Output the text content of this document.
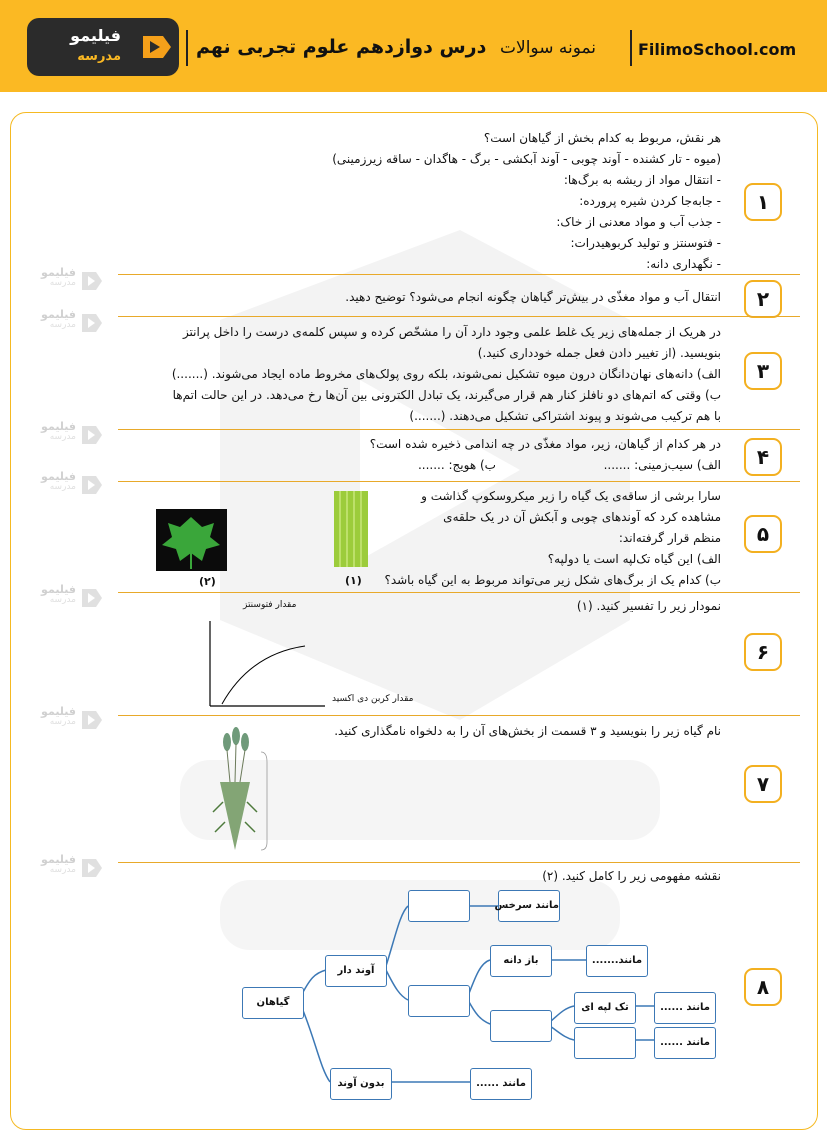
فیلیمو
مدرسه	درس دوازدهم علوم تجربی نهم نمونه سوالات	FilimoSchool.com
هر نقش، مربوط به کدام بخش از گیاهان است؟
(میوه - تار کشنده - آوند چوبی - آوند آبکشی - برگ - هاگدان - ساقه زیرزمینی)
- انتقال مواد از ریشه به برگ‌ها:
- جابه‌جا کردن شیره پرورده:
- جذب آب و مواد معدنی از خاک:
- فتوسنتز و تولید کربوهیدرات:
- نگهداری دانه:
۱
انتقال آب و مواد مغذّی در بیش‌تر گیاهان چگونه انجام می‌شود؟ توضیح دهید.	۲
در هریک از جمله‌های زیر یک غلط علمی وجود دارد آن را مشخّص کرده و سپس کلمه‌ی درست را داخل پرانتز
بنویسید. (از تغییر دادن فعل جمله خودداری کنید.)
الف) دانه‌های نهان‌دانگان درون میوه تشکیل نمی‌شوند، بلکه روی پولک‌های مخروط ماده ایجاد می‌شوند. (.......)
ب) وقتی که اتم‌های دو نافلز کنار هم قرار می‌گیرند، یک تبادل الکترونی بین آن‌ها رخ می‌دهد. در این حالت اتم‌ها
با هم ترکیب می‌شوند و پیوند اشتراکی تشکیل می‌دهند. (.......)
۳
در هر کدام از گیاهان، زیر، مواد مغذّی در چه اندامی ذخیره شده است؟
الف) سیب‌زمینی: .......  ب) هویج: .......	۴
سارا برشی از ساقه‌ی یک گیاه را زیر میکروسکوپ گذاشت و
مشاهده کرد که آوندهای چوبی و آبکش آن در یک حلقه‌ی
منظم قرار گرفته‌اند:
الف) این گیاه تک‌لپه است یا دولپه؟
ب) کدام یک از برگ‌های شکل زیر می‌تواند مربوط به این گیاه باشد؟
۵
(۱)
(۲)
نمودار زیر را تفسیر کنید. (۱)
۶
مقدار فتوسنتز
مقدار کربن دی اکسید
نام گیاه زیر را بنویسید و ۳ قسمت از بخش‌های آن را به دلخواه نامگذاری کنید.
۷
نقشه مفهومی زیر را کامل کنید. (۲)
۸
گیاهان
آوند دار
بدون آوند	مانند ......
مانند سرخس
باز دانه	مانند.......
تک لپه ای	مانند ......
مانند ......
فیلیمو
مدرسه
فیلیمو
مدرسه
فیلیمو
مدرسه
فیلیمو
مدرسه
فیلیمو
مدرسه
فیلیمو
مدرسه
فیلیمو
مدرسه
